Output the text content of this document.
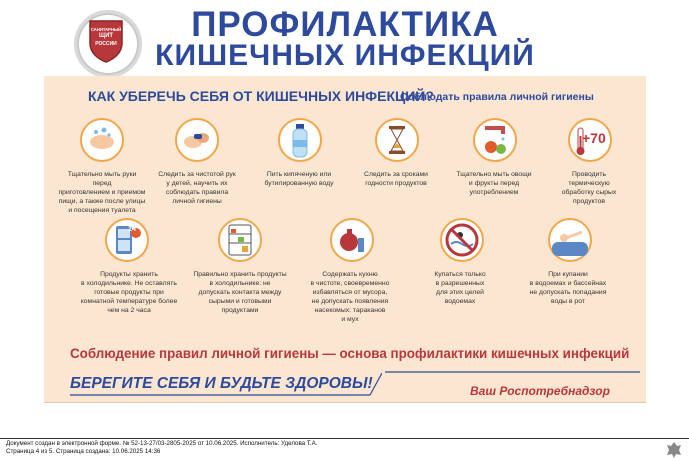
САНИТАРНЫЙ
ЩИТ
РОССИИ	ПРОФИЛАКТИКА
КИШЕЧНЫХ ИНФЕКЦИЙ
КАК УБЕРЕЧЬ СЕБЯ ОТ КИШЕЧНЫХ ИНФЕКЦИЙ?
Соблюдать правила личной гигиены
+70
Тщательно мыть руки перед
приготовлением и приемом
пищи, а также после улицы
и посещения туалета
Следить за чистотой рук
у детей, научить их
соблюдать правила
личной гигиены
Пить кипяченую или
бутилированную воду
Следить за сроками
годности продуктов
Тщательно мыть овощи
и фрукты перед
употреблением
Проводить
термическую
обработку сырых
продуктов
2ч
Продукты хранить
в холодильнике. Не оставлять
готовые продукты при
комнатной температуре более
чем на 2 часа
Правильно хранить продукты
в холодильнике: не
допускать контакта между
сырыми и готовыми
продуктами
Содержать кухню
в чистоте, своевременно
избавляться от мусора,
не допускать появления
насекомых: тараканов
и мух
Купаться только
в разрешенных
для этих целей
водоемах
При купании
в водоемах и бассейнах
не допускать попадания
воды в рот
Соблюдение правил личной гигиены — основа профилактики кишечных инфекций
БЕРЕГИТЕ СЕБЯ И БУДЬТЕ ЗДОРОВЫ!	Ваш Роспотребнадзор
Документ создан в электронной форме. № 52-13-27/03-2805-2025 от 10.06.2025. Исполнитель: Уделова Т.А.
Страница 4 из 5. Страница создана: 10.06.2025 14:36
